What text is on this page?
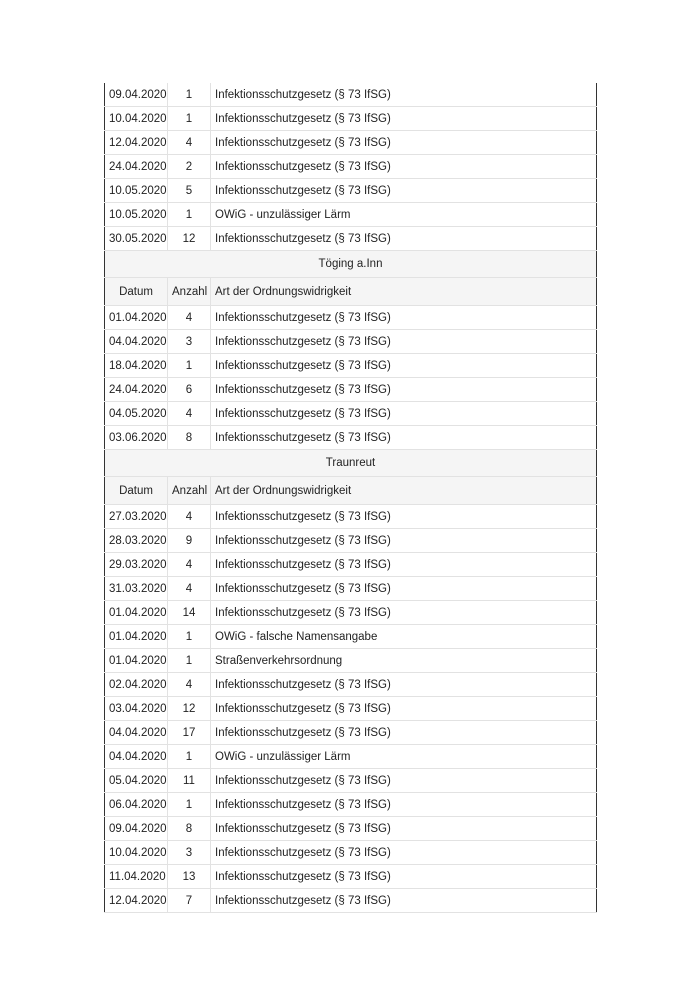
09.04.2020	1	Infektionsschutzgesetz (§ 73 IfSG)
10.04.2020	1	Infektionsschutzgesetz (§ 73 IfSG)
12.04.2020	4	Infektionsschutzgesetz (§ 73 IfSG)
24.04.2020	2	Infektionsschutzgesetz (§ 73 IfSG)
10.05.2020	5	Infektionsschutzgesetz (§ 73 IfSG)
10.05.2020	1	OWiG - unzulässiger Lärm
30.05.2020	12	Infektionsschutzgesetz (§ 73 IfSG)
Töging a.Inn		
Datum	Anzahl	Art der Ordnungswidrigkeit
01.04.2020	4	Infektionsschutzgesetz (§ 73 IfSG)
04.04.2020	3	Infektionsschutzgesetz (§ 73 IfSG)
18.04.2020	1	Infektionsschutzgesetz (§ 73 IfSG)
24.04.2020	6	Infektionsschutzgesetz (§ 73 IfSG)
04.05.2020	4	Infektionsschutzgesetz (§ 73 IfSG)
03.06.2020	8	Infektionsschutzgesetz (§ 73 IfSG)
Traunreut		
Datum	Anzahl	Art der Ordnungswidrigkeit
27.03.2020	4	Infektionsschutzgesetz (§ 73 IfSG)
28.03.2020	9	Infektionsschutzgesetz (§ 73 IfSG)
29.03.2020	4	Infektionsschutzgesetz (§ 73 IfSG)
31.03.2020	4	Infektionsschutzgesetz (§ 73 IfSG)
01.04.2020	14	Infektionsschutzgesetz (§ 73 IfSG)
01.04.2020	1	OWiG - falsche Namensangabe
01.04.2020	1	Straßenverkehrsordnung
02.04.2020	4	Infektionsschutzgesetz (§ 73 IfSG)
03.04.2020	12	Infektionsschutzgesetz (§ 73 IfSG)
04.04.2020	17	Infektionsschutzgesetz (§ 73 IfSG)
04.04.2020	1	OWiG - unzulässiger Lärm
05.04.2020	11	Infektionsschutzgesetz (§ 73 IfSG)
06.04.2020	1	Infektionsschutzgesetz (§ 73 IfSG)
09.04.2020	8	Infektionsschutzgesetz (§ 73 IfSG)
10.04.2020	3	Infektionsschutzgesetz (§ 73 IfSG)
11.04.2020	13	Infektionsschutzgesetz (§ 73 IfSG)
12.04.2020	7	Infektionsschutzgesetz (§ 73 IfSG)
